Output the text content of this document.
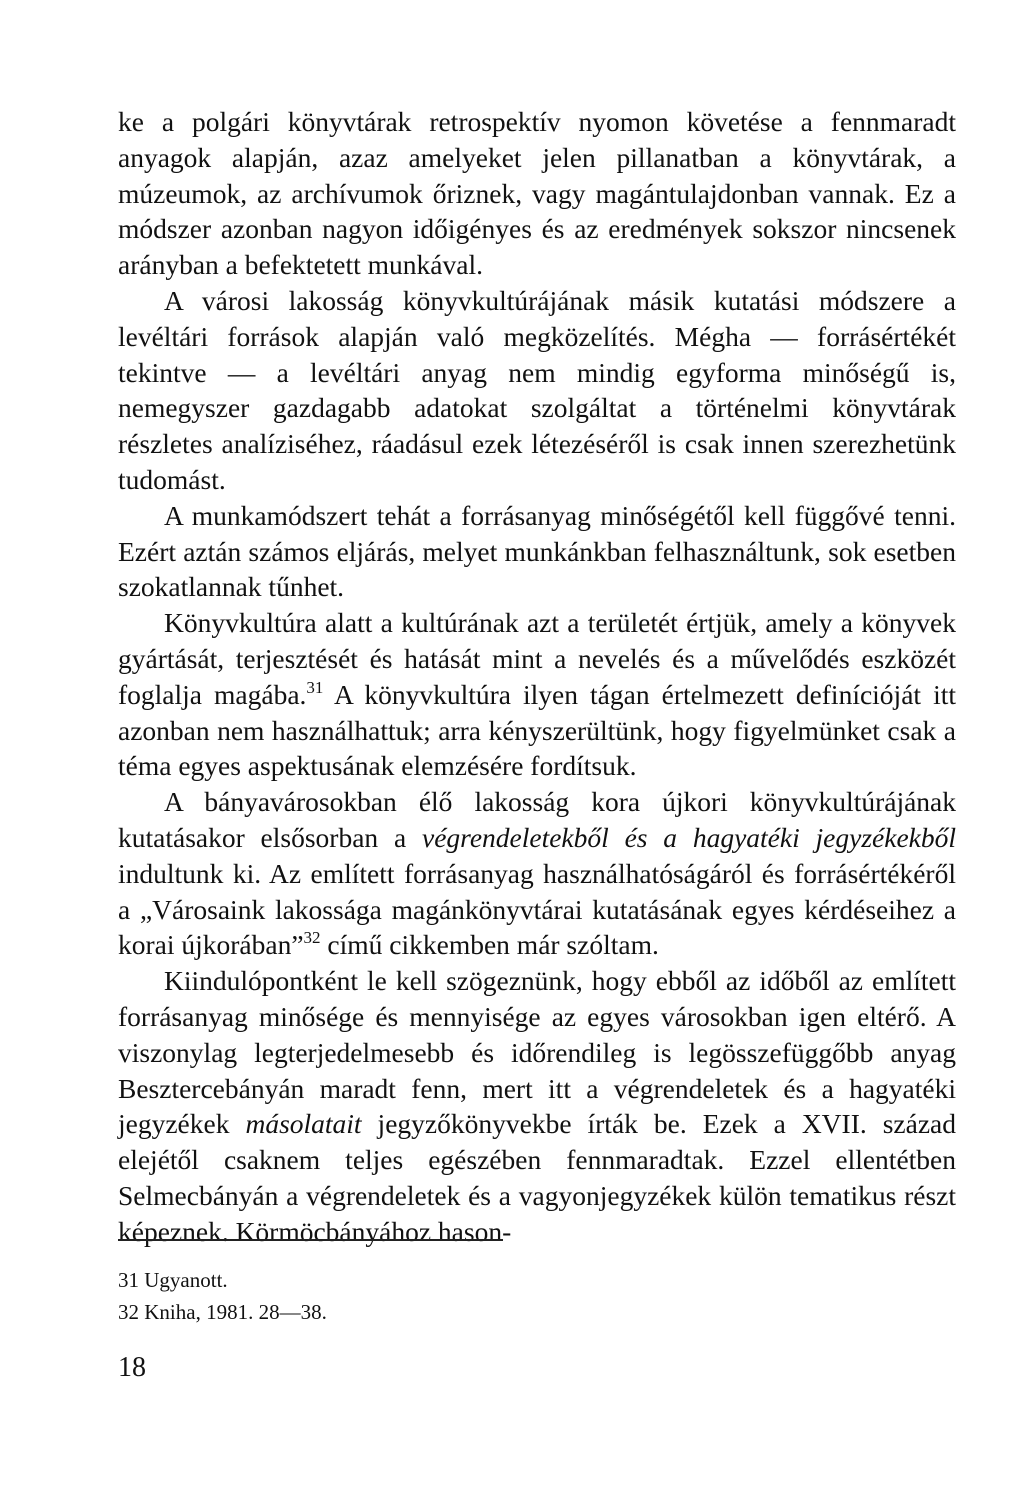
ke a polgári könyvtárak retrospektív nyomon követése a fennmaradt anyagok alapján, azaz amelyeket jelen pillanatban a könyvtárak, a múzeumok, az archívumok őriznek, vagy magántulajdonban vannak. Ez a módszer azonban nagyon időigényes és az eredmények sokszor nincsenek arányban a befektetett munkával.

A városi lakosság könyvkultúrájának másik kutatási módszere a levéltári források alapján való megközelítés. Mégha — forrásértékét tekintve — a levéltári anyag nem mindig egyforma minőségű is, nemegyszer gazdagabb adatokat szolgáltat a történelmi könyvtárak részletes analíziséhez, ráadásul ezek létezéséről is csak innen szerezhetünk tudomást.

A munkamódszert tehát a forrásanyag minőségétől kell függővé tenni. Ezért aztán számos eljárás, melyet munkánkban felhasználtunk, sok esetben szokatlannak tűnhet.

Könyvkultúra alatt a kultúrának azt a területét értjük, amely a könyvek gyártását, terjesztését és hatását mint a nevelés és a művelődés eszközét foglalja magába.$^{31}$ A könyvkultúra ilyen tágan értelmezett definícióját itt azonban nem használhattuk; arra kényszerültünk, hogy figyelmünket csak a téma egyes aspektusának elemzésére fordítsuk.

A bányavárosokban élő lakosság kora újkori könyvkultúrájának kutatásakor elsősorban a végrendeletekből és a hagyatéki jegyzékekből indultunk ki. Az említett forrásanyag használhatóságáról és forrásértékéről a „Városaink lakossága magánkönyvtárai kutatásának egyes kérdéseihez a korai újkorában”$^{32}$ című cikkemben már szóltam.

Kiindulópontként le kell szögeznünk, hogy ebből az időből az említett forrásanyag minősége és mennyisége az egyes városokban igen eltérő. A viszonylag legterjedelmesebb és időrendileg is legösszefüggőbb anyag Besztercebányán maradt fenn, mert itt a végrendeletek és a hagyatéki jegyzékek másolatait jegyzőkönyvekbe írták be. Ezek a XVII. század elejétől csaknem teljes egészében fennmaradtak. Ezzel ellentétben Selmecbányán a végrendeletek és a vagyonjegyzékek külön tematikus részt képeznek. Körmöcbányához hason-

31 Ugyanott.
32 Kniha, 1981. 28—38.
18
